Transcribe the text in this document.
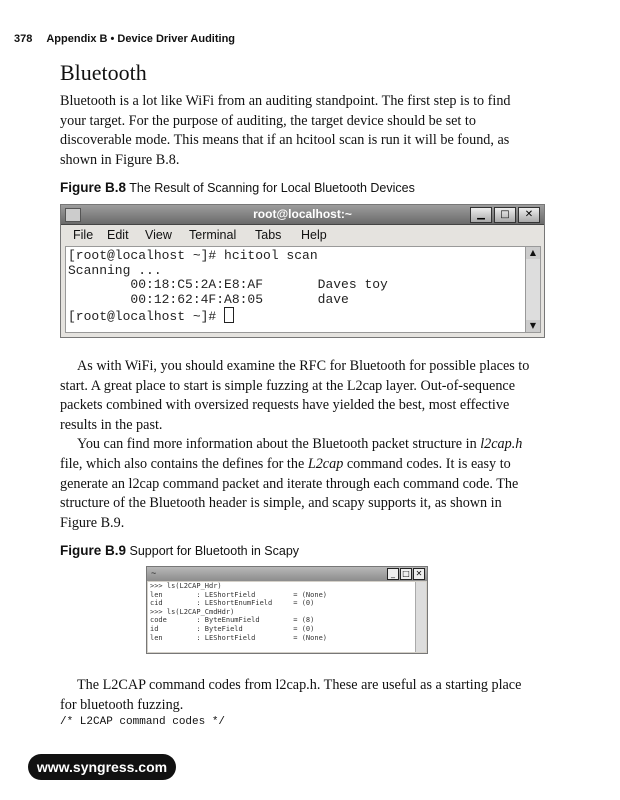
378 Appendix B • Device Driver Auditing
Bluetooth

Bluetooth is a lot like WiFi from an auditing standpoint. The first step is to find your target. For the purpose of auditing, the target device should be set to discoverable mode. This means that if an hcitool scan is run it will be found, as shown in Figure B.8.

Figure B.8 The Result of Scanning for Local Bluetooth Devices
root@localhost:~	▁	□	✕
File Edit View Terminal Tabs Help
[root@localhost ~]# hcitool scan
Scanning ...
00:18:C5:2A:E8:AF       Daves toy
00:12:62:4F:A8:05       dave
[root@localhost ~]#
▲
▼

As with WiFi, you should examine the RFC for Bluetooth for possible places to start. A great place to start is simple fuzzing at the L2cap layer. Out-of-sequence packets combined with oversized requests have yielded the best, most effective results in the past.

You can find more information about the Bluetooth packet structure in l2cap.h file, which also contains the defines for the L2cap command codes. It is easy to generate an l2cap command packet and iterate through each command code. The structure of the Bluetooth header is simple, and scapy supports it, as shown in Figure B.9.

Figure B.9 Support for Bluetooth in Scapy
~	_ □ ✕
>>> ls(L2CAP_Hdr)
len        : LEShortField         = (None)
cid        : LEShortEnumField     = (0)
>>> ls(L2CAP_CmdHdr)
code       : ByteEnumField        = (8)
id         : ByteField            = (0)
len        : LEShortField         = (None)

The L2CAP command codes from l2cap.h. These are useful as a starting place for bluetooth fuzzing.

/* L2CAP command codes */
www.syngress.com
